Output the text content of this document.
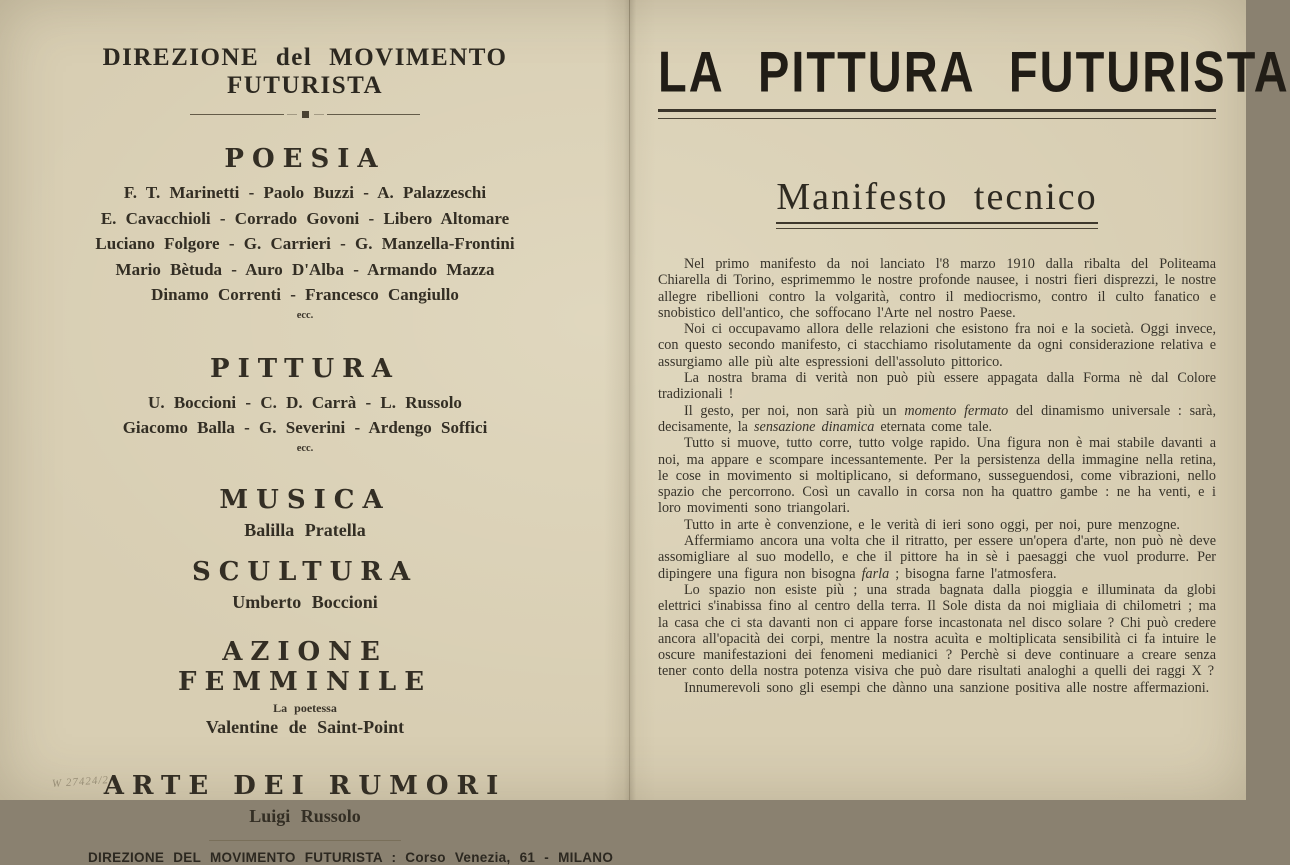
DIREZIONE del MOVIMENTO FUTURISTA
POESIA
F. T. Marinetti - Paolo Buzzi - A. Palazzeschi
E. Cavacchioli - Corrado Govoni - Libero Altomare
Luciano Folgore - G. Carrieri - G. Manzella-Frontini
Mario Bètuda - Auro D'Alba - Armando Mazza
Dinamo Correnti - Francesco Cangiullo
ecc.
PITTURA
U. Boccioni - C. D. Carrà - L. Russolo
Giacomo Balla - G. Severini - Ardengo Soffici
ecc.
MUSICA
Balilla Pratella
SCULTURA
Umberto Boccioni
AZIONE FEMMINILE
La poetessa
Valentine de Saint-Point
ARTE DEI RUMORI
Luigi Russolo
DIREZIONE DEL MOVIMENTO FUTURISTA : Corso Venezia, 61 - MILANO
W 27424/2
LA PITTURA FUTURISTA
Manifesto tecnico

Nel primo manifesto da noi lanciato l'8 marzo 1910 dalla ribalta del Politeama Chiarella di Torino, esprimemmo le nostre profonde nausee, i nostri fieri disprezzi, le nostre allegre ribellioni contro la volgarità, contro il mediocrismo, contro il culto fanatico e snobistico dell'antico, che soffocano l'Arte nel nostro Paese.

Noi ci occupavamo allora delle relazioni che esistono fra noi e la società. Oggi invece, con questo secondo manifesto, ci stacchiamo risolutamente da ogni considerazione relativa e assurgiamo alle più alte espressioni dell'assoluto pittorico.

La nostra brama di verità non può più essere appagata dalla Forma nè dal Colore tradizionali !

Il gesto, per noi, non sarà più un momento fermato del dinamismo universale : sarà, decisamente, la sensazione dinamica eternata come tale.

Tutto si muove, tutto corre, tutto volge rapido. Una figura non è mai stabile davanti a noi, ma appare e scompare incessantemente. Per la persistenza della immagine nella retina, le cose in movimento si moltiplicano, si deformano, susseguendosi, come vibrazioni, nello spazio che percorrono. Così un cavallo in corsa non ha quattro gambe : ne ha venti, e i loro movimenti sono triangolari.

Tutto in arte è convenzione, e le verità di ieri sono oggi, per noi, pure menzogne.

Affermiamo ancora una volta che il ritratto, per essere un'opera d'arte, non può nè deve assomigliare al suo modello, e che il pittore ha in sè i paesaggi che vuol produrre. Per dipingere una figura non bisogna farla ; bisogna farne l'atmosfera.

Lo spazio non esiste più ; una strada bagnata dalla pioggia e illuminata da globi elettrici s'inabissa fino al centro della terra. Il Sole dista da noi migliaia di chilometri ; ma la casa che ci sta davanti non ci appare forse incastonata nel disco solare ? Chi può credere ancora all'opacità dei corpi, mentre la nostra acuìta e moltiplicata sensibilità ci fa intuire le oscure manifestazioni dei fenomeni medianici ? Perchè si deve continuare a creare senza tener conto della nostra potenza visiva che può dare risultati analoghi a quelli dei raggi X ?

Innumerevoli sono gli esempi che dànno una sanzione positiva alle nostre affermazioni.
